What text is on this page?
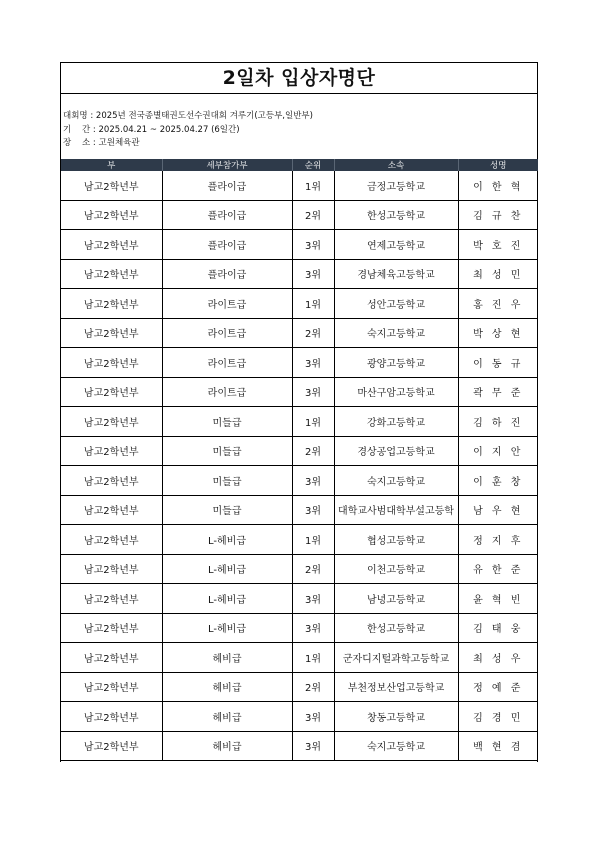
2일차 입상자명단
대회명 : 2025년 전국종별태권도선수권대회 겨루기(고등부,일반부)
기    간 : 2025.04.21 ~ 2025.04.27 (6일간)
장    소 : 고원체육관
부	세부참가부	순위	소속	성명
남고2학년부	플라이급	1위	금정고등학교	이 한 혁
남고2학년부	플라이급	2위	한성고등학교	김 규 찬
남고2학년부	플라이급	3위	연제고등학교	박 호 진
남고2학년부	플라이급	3위	경남체육고등학교	최 성 민
남고2학년부	라이트급	1위	성안고등학교	홍 진 우
남고2학년부	라이트급	2위	숙지고등학교	박 상 현
남고2학년부	라이트급	3위	광양고등학교	이 동 규
남고2학년부	라이트급	3위	마산구암고등학교	곽 무 준
남고2학년부	미들급	1위	강화고등학교	김 하 진
남고2학년부	미들급	2위	경상공업고등학교	이 지 안
남고2학년부	미들급	3위	숙지고등학교	이 훈 창
남고2학년부	미들급	3위	대학교사범대학부설고등학	남 우 현
남고2학년부	L-헤비급	1위	협성고등학교	정 지 후
남고2학년부	L-헤비급	2위	이천고등학교	유 한 준
남고2학년부	L-헤비급	3위	남녕고등학교	윤 혁 빈
남고2학년부	L-헤비급	3위	한성고등학교	김 태 웅
남고2학년부	헤비급	1위	군자디지털과학고등학교	최 성 우
남고2학년부	헤비급	2위	부천정보산업고등학교	정 예 준
남고2학년부	헤비급	3위	창동고등학교	김 경 민
남고2학년부	헤비급	3위	숙지고등학교	백 현 겸
